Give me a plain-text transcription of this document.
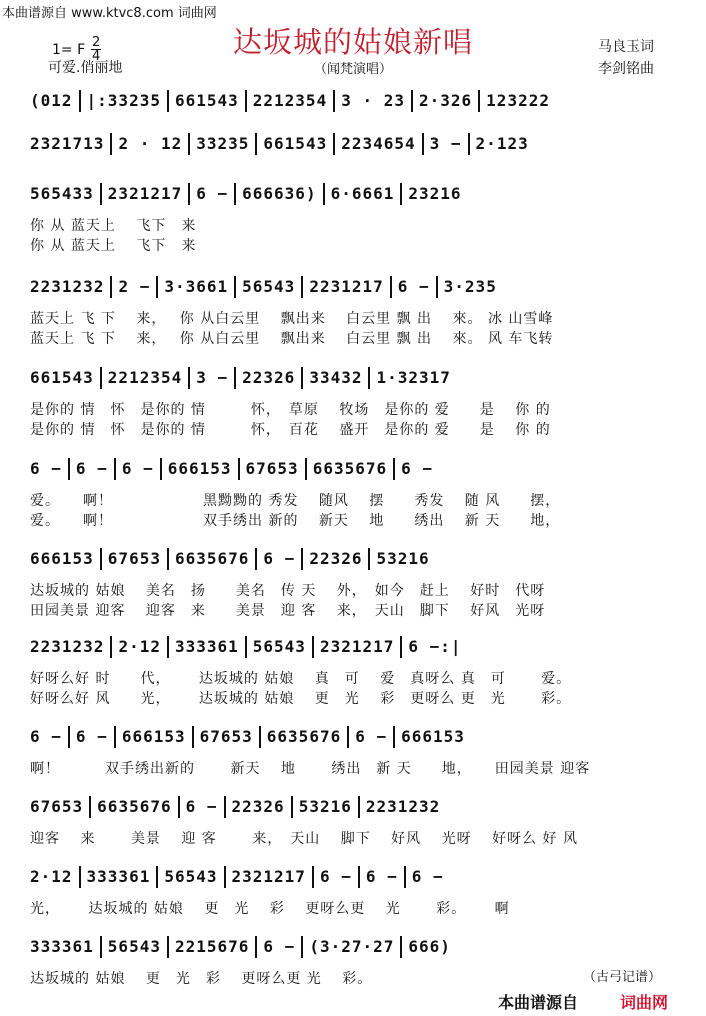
本曲谱源自 www.ktvc8.com 词曲网
达坂城的姑娘新唱
1= F $\frac{2}{4}$
可爱.俏丽地	（闻梵演唱）
马良玉词
李剑铭曲
(012 |:33235 661543 2212354 3 · 23 2·326 123222
2321713 2 · 12 33235 661543 2234654 3 − 2·123
565433 2321217 6 − 666636) 6·6661 23216
你 从 蓝天上　 飞下　来
你 从 蓝天上　 飞下　来
2231232 2 − 3·3661 56543 2231217 6 − 3·235
蓝天上 飞 下　 来，　 你 从白云里　 飘出来　 白云里 飘 出　 來。 冰 山雪峰
蓝天上 飞 下　 来，　 你 从白云里　 飘出来　 白云里 飘 出　 來。 风 车飞转
661543 2212354 3 − 22326 33432 1·32317
是你的 情　怀　是你的 情　　　怀，　草原　 牧场　是你的 爱　　是　 你 的
是你的 情　怀　是你的 情　　　怀，　百花　 盛开　是你的 爱　　是　 你 的
6 − 6 − 6 − 666153 67653 6635676 6 −
爱。　　啊！　　　　　　黑黝黝的 秀发　 随风　 摆　　秀发　 随 风　　摆，
爱。　　啊！　　　　　　双手绣出 新的　 新天　 地　　绣出　 新 天　　地，
666153 67653 6635676 6 − 22326 53216
达坂城的 姑娘　 美名　扬　　美名　传 天　 外，　如今　赶上　 好时　代呀
田园美景 迎客　 迎客　来　　美景　迎 客　 来，　天山　脚下　 好风　光呀
2231232 2·12 333361 56543 2321217 6 −:|
好呀么好 时　　代，　　 达坂城的 姑娘　 真　可　 爱　真呀么 真　可　　 爱。
好呀么好 风　　光，　　 达坂城的 姑娘　 更　光　 彩　更呀么 更　光　　 彩。
6 − 6 − 666153 67653 6635676 6 − 666153
啊！　　　双手绣出新的　　 新天　 地　　 绣出　新 天　　地，　　田园美景 迎客
67653 6635676 6 − 22326 53216 2231232
迎客　 来　　 美景　 迎 客　　 来，　天山　 脚下　 好风　 光呀　 好呀么 好 风
2·12 333361 56543 2321217 6 − 6 − 6 −
光，　　 达坂城的 姑娘　 更　光　 彩　 更呀么更　 光　　 彩。　　 啊
333361 56543 2215676 6 − (3·27·27 666)
达坂城的 姑娘　 更　光　彩　 更呀么更 光　 彩。	（古弓记谱）
本曲谱源自	词曲网
